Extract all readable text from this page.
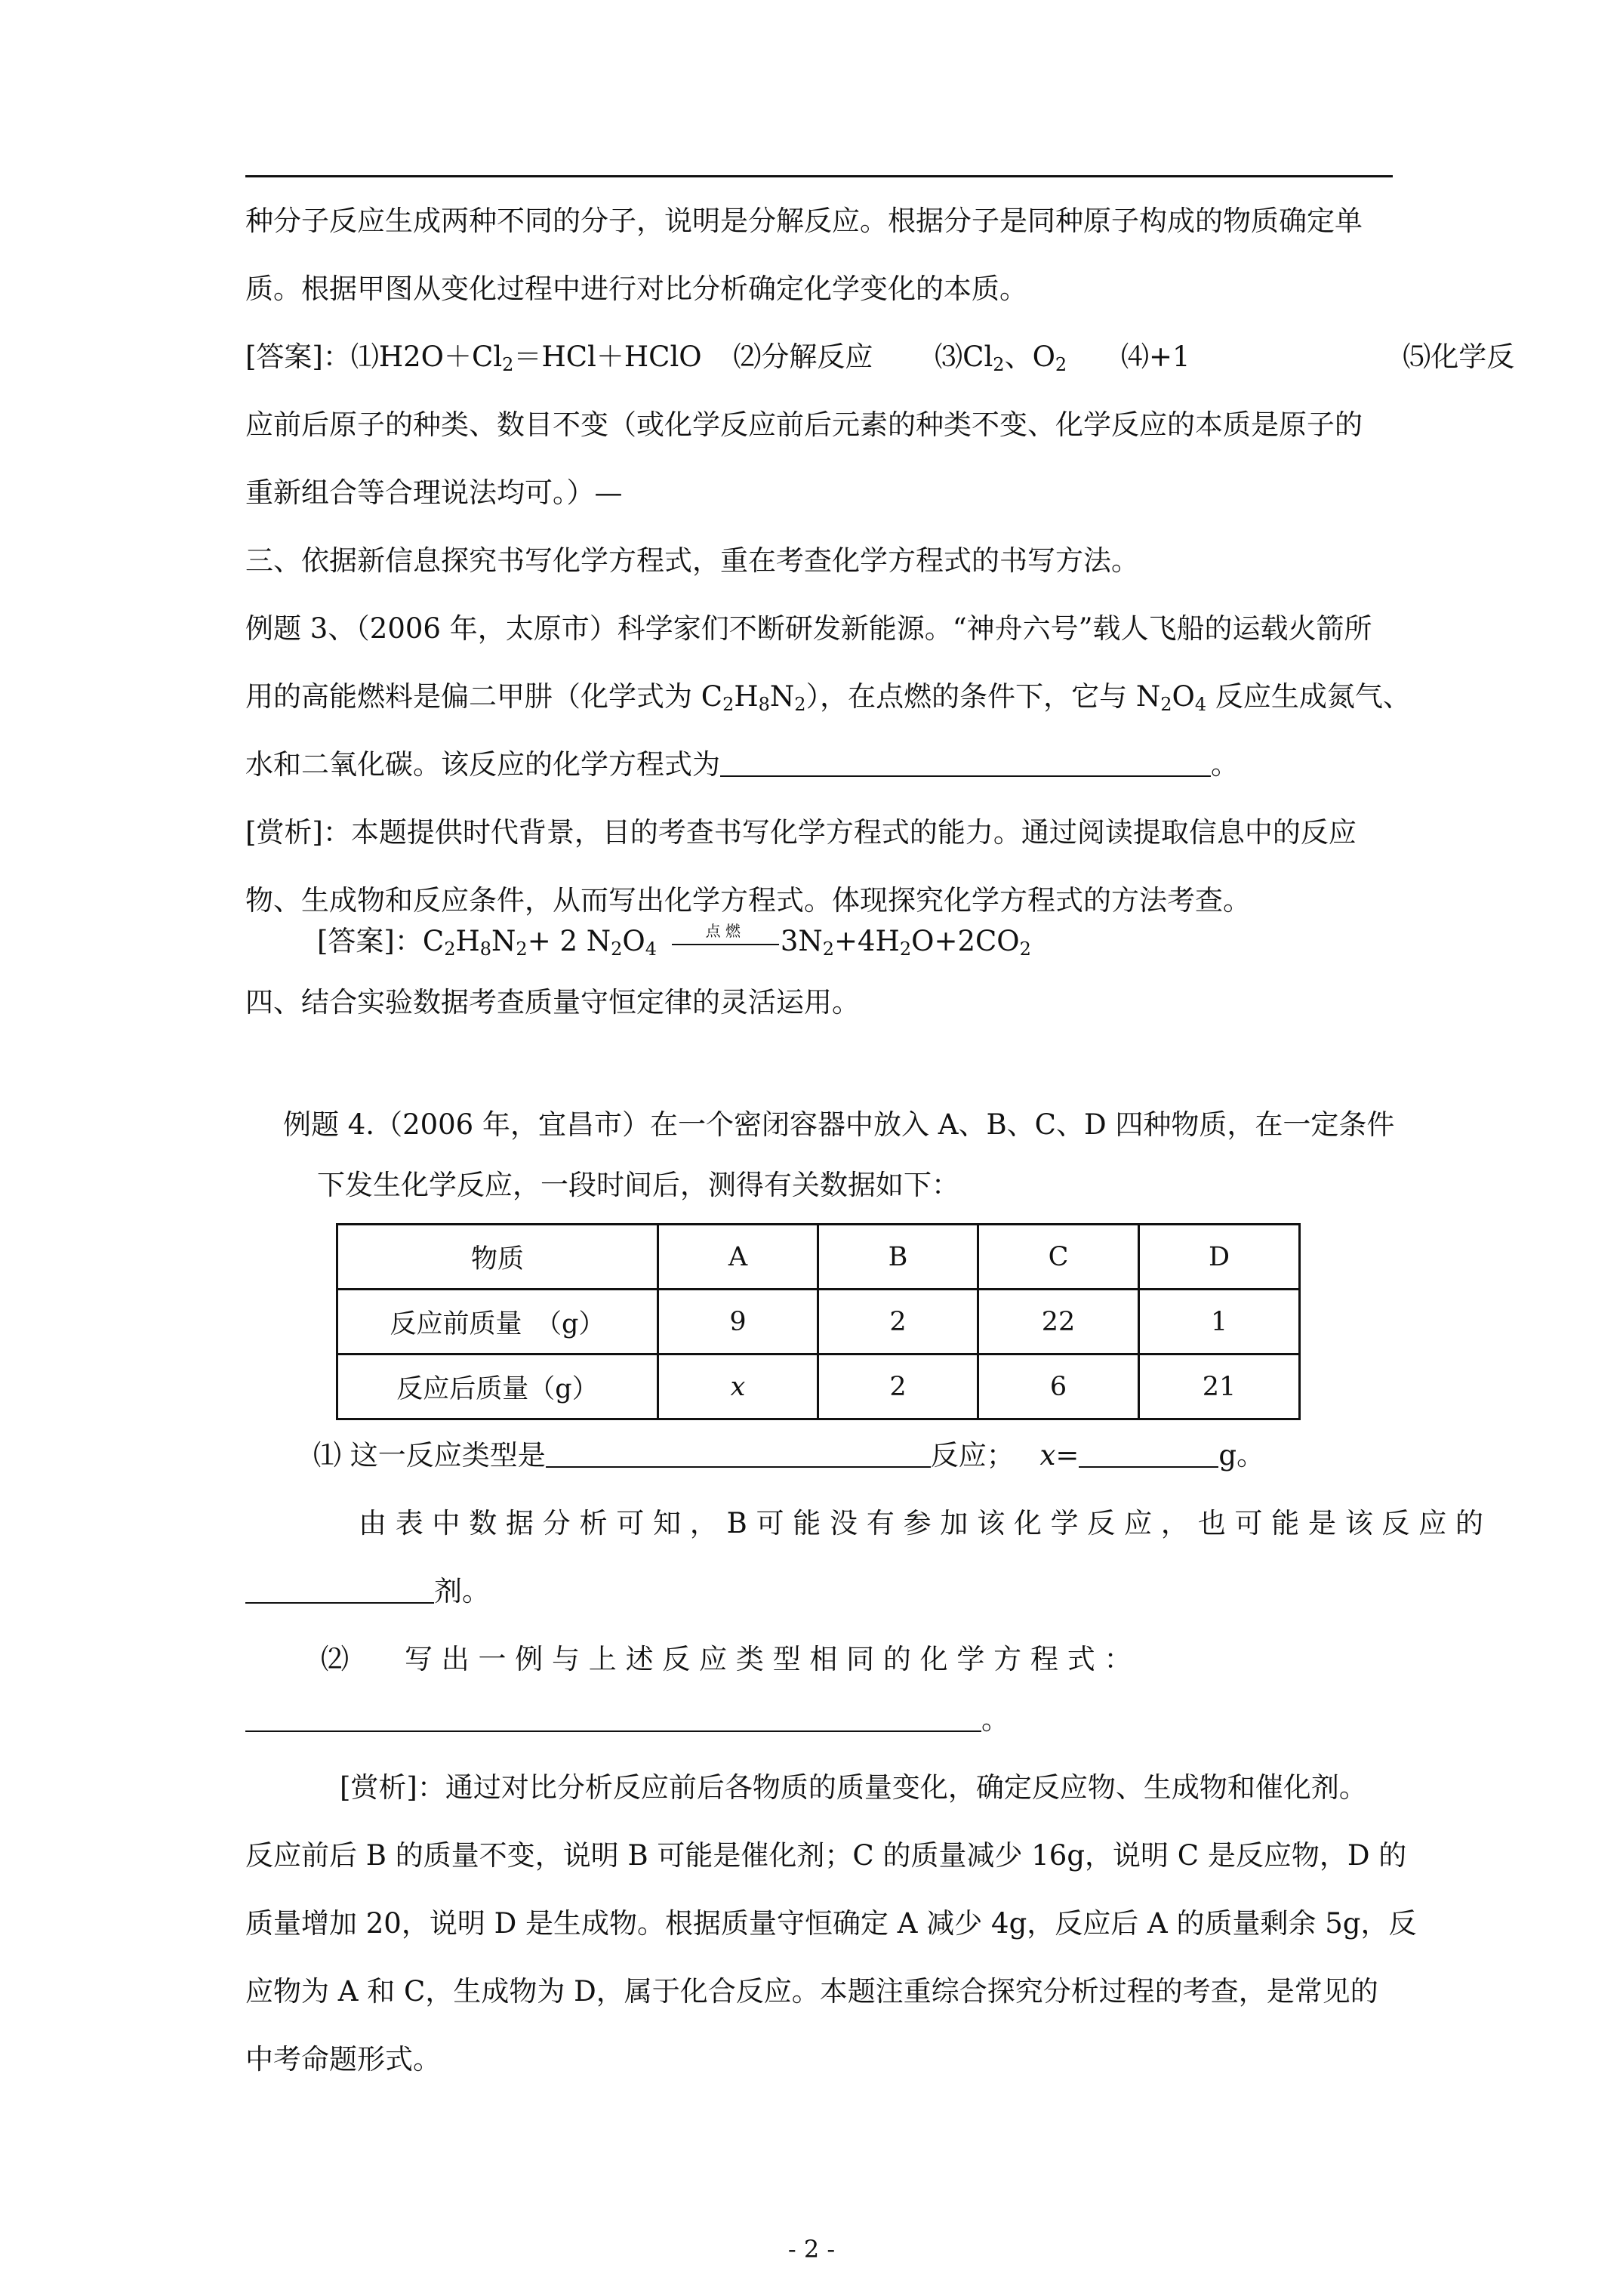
种分子反应生成两种不同的分子，说明是分解反应。根据分子是同种原子构成的物质确定单
质。根据甲图从变化过程中进行对比分析确定化学变化的本质。
[答案]：$⑴H2O+Cl_2=HCl+HClO$ ⑵分解反应 $⑶Cl_2$、$O_2$ ⑷+1	⑸化学反
应前后原子的种类、数目不变（或化学反应前后元素的种类不变、化学反应的本质是原子的
重新组合等合理说法均可。）—
三、依据新信息探究书写化学方程式，重在考查化学方程式的书写方法。
例题 3、（2006 年，太原市）科学家们不断研发新能源。“神舟六号”载人飞船的运载火箭所
用的高能燃料是偏二甲肼（化学式为 $C_2H_8N_2$），在点燃的条件下，它与 $N_2O_4$ 反应生成氮气、
水和二氧化碳。该反应的化学方程式为	。
[赏析]：本题提供时代背景，目的考查书写化学方程式的能力。通过阅读提取信息中的反应
物、生成物和反应条件，从而写出化学方程式。体现探究化学方程式的方法考查。
[答案]：$C_2H_8N_2+ 2$ $N_2O_4$
点 燃	$3N_2+4H_2O+2CO_2$
四、结合实验数据考查质量守恒定律的灵活运用。
例题 4.（2006 年，宜昌市）在一个密闭容器中放入 A、B、C、D 四种物质，在一定条件
下发生化学反应，一段时间后，测得有关数据如下：
物质	A	B	C	D
反应前质量　（g）	9	2	22	1
反应后质量（g）	x	2	6	21
⑴ 这一反应类型是	反应； x=	g。
由 表 中 数 据 分 析 可 知 ， B 可 能 没 有 参 加 该 化 学 反 应 ， 也 可 能 是 该 反 应 的
剂。
⑵　　写 出 一 例 与 上 述 反 应 类 型 相 同 的 化 学 方 程 式 ：
。
[赏析]：通过对比分析反应前后各物质的质量变化，确定反应物、生成物和催化剂。
反应前后 B 的质量不变，说明 B 可能是催化剂；C 的质量减少 16g，说明 C 是反应物，D 的
质量增加 20，说明 D 是生成物。根据质量守恒确定 A 减少 4g，反应后 A 的质量剩余 5g，反
应物为 A 和 C，生成物为 D，属于化合反应。本题注重综合探究分析过程的考查，是常见的
中考命题形式。
- 2 -
